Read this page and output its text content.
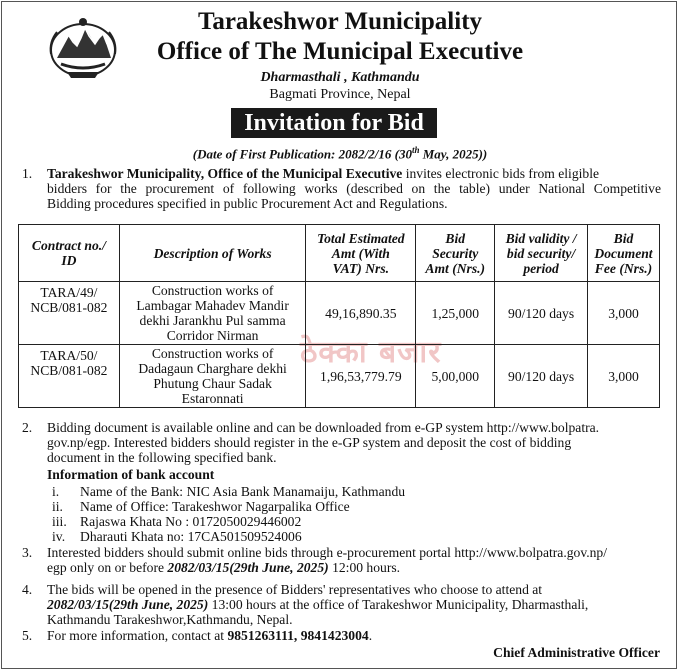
Tarakeshwor Municipality
Office of The Municipal Executive
Dharmasthali , Kathmandu
Bagmati Province, Nepal
Invitation for Bid
(Date of First Publication: 2082/2/16 (30th May, 2025))
1. Tarakeshwor Municipality, Office of the Municipal Executive invites electronic bids from eligible
bidders for the procurement of following works (described on the table) under National Competitive
Bidding procedures specified in public Procurement Act and Regulations.
ठेक्का बजार
Contract no./
ID	Description of Works	Total Estimated
Amt (With
VAT) Nrs.	Bid
Security
Amt (Nrs.)	Bid validity /
bid security/
period	Bid
Document
Fee (Nrs.)
TARA/49/
NCB/081-082	Construction works of
Lambagar Mahadev Mandir
dekhi Jarankhu Pul samma
Corridor Nirman	49,16,890.35	1,25,000	90/120 days	3,000
TARA/50/
NCB/081-082	Construction works of
Dadagaun Charghare dekhi
Phutung Chaur Sadak
Estaronnati	1,96,53,779.79	5,00,000	90/120 days	3,000
2. Bidding document is available online and can be downloaded from e-GP system http://www.bolpatra.
gov.np/egp. Interested bidders should register in the e-GP system and deposit the cost of bidding
document in the following specified bank.
Information of bank account
i. Name of the Bank: NIC Asia Bank Manamaiju, Kathmandu
ii. Name of Office: Tarakeshwor Nagarpalika Office
iii. Rajaswa Khata No : 0172050029446002
iv. Dharauti Khata no: 17CA501509524006
3. Interested bidders should submit online bids through e-procurement portal http://www.bolpatra.gov.np/
egp only on or before 2082/03/15(29th June, 2025) 12:00 hours.
4. The bids will be opened in the presence of Bidders' representatives who choose to attend at
2082/03/15(29th June, 2025) 13:00 hours at the office of Tarakeshwor Municipality, Dharmasthali,
Kathmandu Tarakeshwor,Kathmandu, Nepal.
5. For more information, contact at 9851263111, 9841423004.
Chief Administrative Officer
